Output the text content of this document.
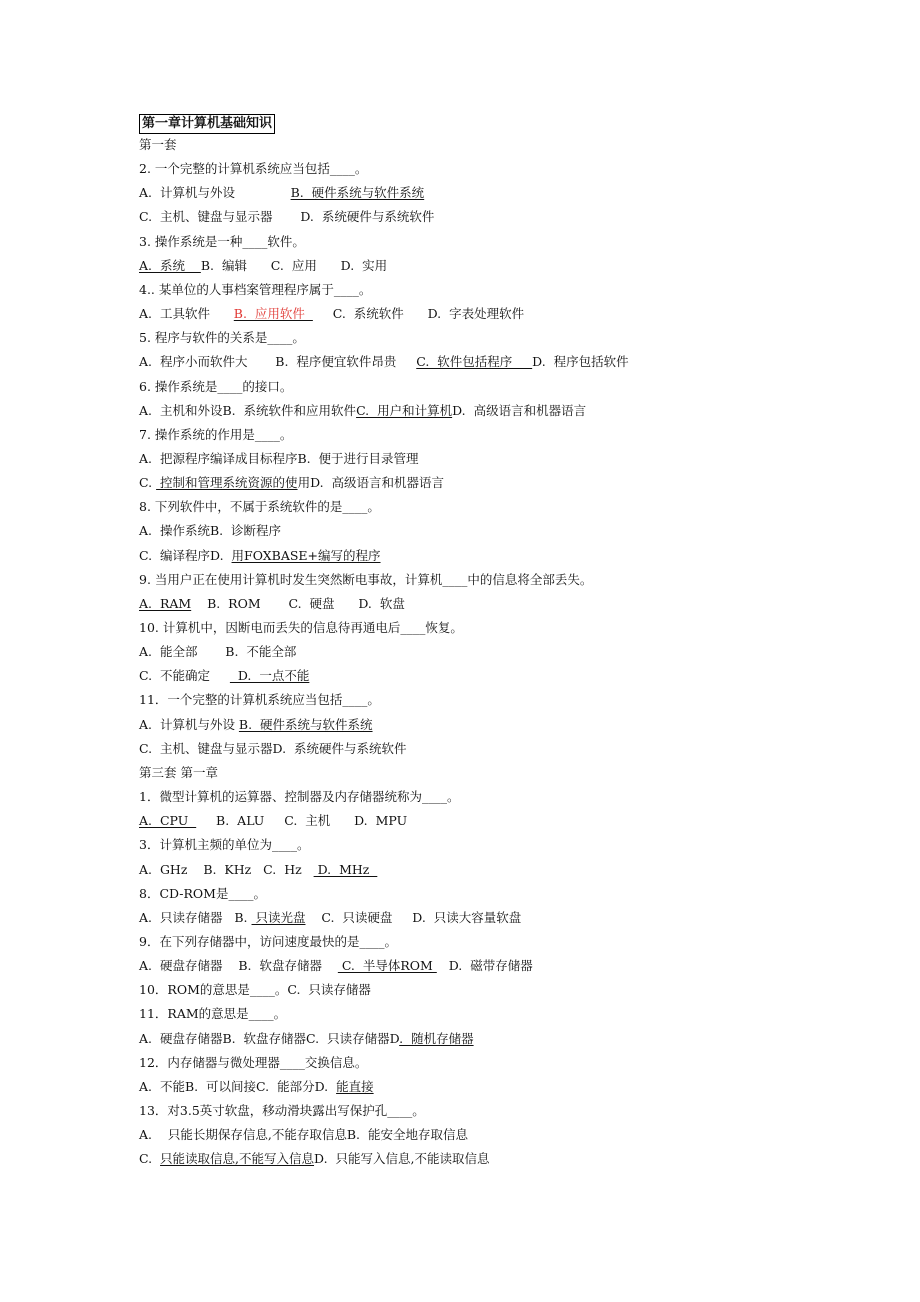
第一章计算机基础知识
第一套
2. 一个完整的计算机系统应当包括____。
A.  计算机与外设              B.  硬件系统与软件系统
C.  主机、键盘与显示器       D.  系统硬件与系统软件
3. 操作系统是一种____软件。
A.  系统    B.  编辑      C.  应用      D.  实用
4.. 某单位的人事档案管理程序属于____。
A.  工具软件      B.  应用软件       C.  系统软件      D.  字表处理软件
5. 程序与软件的关系是____。
A.  程序小而软件大       B.  程序便宜软件昂贵     C.  软件包括程序     D.  程序包括软件
6. 操作系统是____的接口。
A.  主机和外设B.  系统软件和应用软件C.  用户和计算机D.  高级语言和机器语言
7. 操作系统的作用是____。
A.  把源程序编译成目标程序B.  便于进行目录管理
C.  控制和管理系统资源的使用D.  高级语言和机器语言
8. 下列软件中，不属于系统软件的是____。
A.  操作系统B.  诊断程序
C.  编译程序D.  用FOXBASE+编写的程序
9. 当用户正在使用计算机时发生突然断电事故，计算机____中的信息将全部丢失。
A.  RAM    B.  ROM       C.  硬盘      D.  软盘
10. 计算机中，因断电而丢失的信息待再通电后____恢复。
A.  能全部       B.  不能全部
C.  不能确定       D.  一点不能
11．一个完整的计算机系统应当包括____。
A.  计算机与外设 B.  硬件系统与软件系统
C.  主机、键盘与显示器D.  系统硬件与系统软件
第三套 第一章
1．微型计算机的运算器、控制器及内存储器统称为____。
A.  CPU       B.  ALU     C.  主机      D.  MPU
3．计算机主频的单位为____。
A.  GHz    B.  KHz   C.  Hz    D.  MHz
8．CD-ROM是____。
A.  只读存储器   B.  只读光盘    C.  只读硬盘     D.  只读大容量软盘
9．在下列存储器中，访问速度最快的是____。
A.  硬盘存储器    B.  软盘存储器     C.  半导体ROM    D.  磁带存储器
10．ROM的意思是____。C.  只读存储器
11．RAM的意思是____。
A.  硬盘存储器B.  软盘存储器C.  只读存储器D.  随机存储器
12．内存储器与微处理器____交换信息。
A.  不能B.  可以间接C.  能部分D.  能直接
13．对3.5英寸软盘，移动滑块露出写保护孔____。
A.    只能长期保存信息,不能存取信息B.  能安全地存取信息
C.  只能读取信息,不能写入信息D.  只能写入信息,不能读取信息
